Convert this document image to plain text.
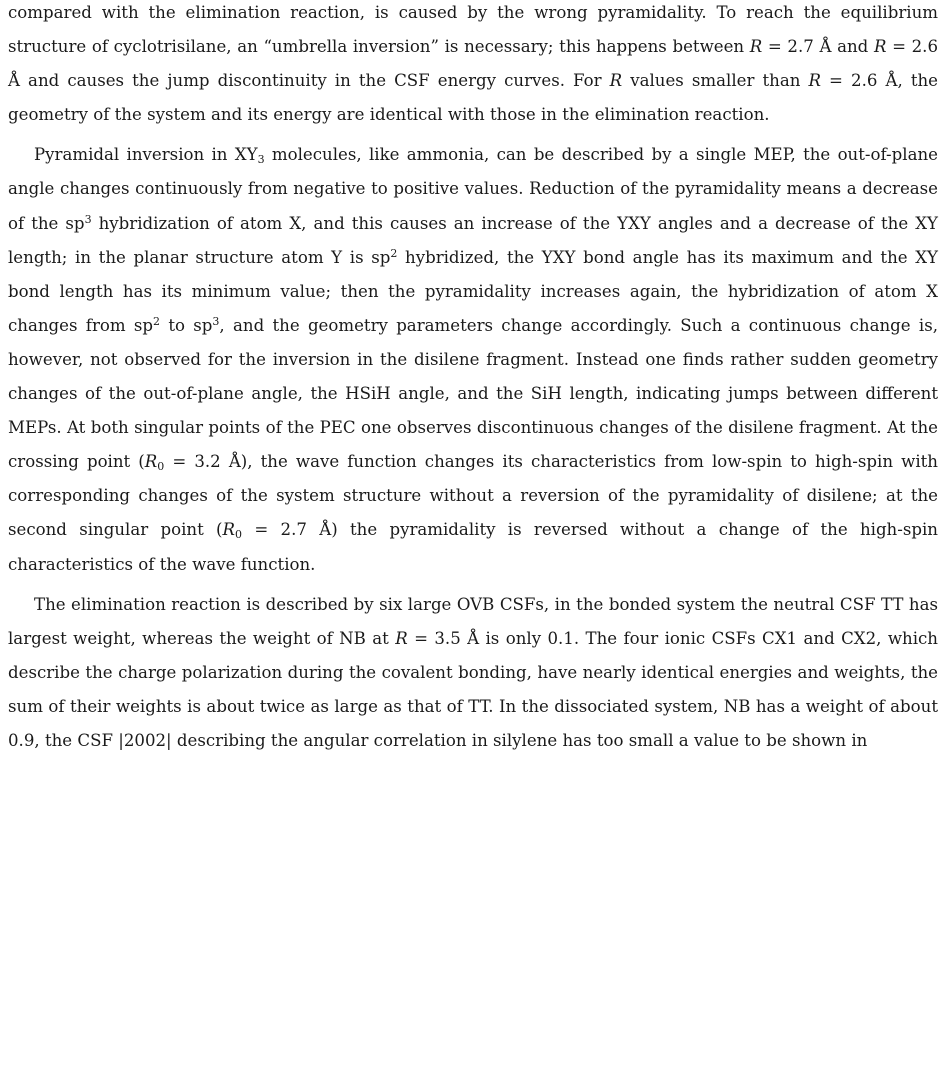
compared with the elimination reaction, is caused by the wrong pyramidality. To reach the equilibrium structure of cyclotrisilane, an “umbrella inversion” is necessary; this happens between R = 2.7 Å and R = 2.6 Å and causes the jump discontinuity in the CSF energy curves. For R values smaller than R = 2.6 Å, the geometry of the system and its energy are identical with those in the elimination reaction.

Pyramidal inversion in $XY_3$ molecules, like ammonia, can be described by a single MEP, the out-of-plane angle changes continuously from negative to positive values. Reduction of the pyramidality means a decrease of the $sp^3$ hybridization of atom X, and this causes an increase of the YXY angles and a decrease of the XY length; in the planar structure atom Y is $sp^2$ hybridized, the YXY bond angle has its maximum and the XY bond length has its minimum value; then the pyramidality increases again, the hybridization of atom X changes from $sp^2$ to $sp^3$, and the geometry parameters change accordingly. Such a continuous change is, however, not observed for the inversion in the disilene fragment. Instead one finds rather sudden geometry changes of the out-of-plane angle, the HSiH angle, and the SiH length, indicating jumps between different MEPs. At both singular points of the PEC one observes discontinuous changes of the disilene fragment. At the crossing point ($R_0 = 3.2$ Å), the wave function changes its characteristics from low-spin to high-spin with corresponding changes of the system structure without a reversion of the pyramidality of disilene; at the second singular point ($R_0 = 2.7$ Å) the pyramidality is reversed without a change of the high-spin characteristics of the wave function.

The elimination reaction is described by six large OVB CSFs, in the bonded system the neutral CSF TT has largest weight, whereas the weight of NB at R = 3.5 Å is only 0.1. The four ionic CSFs CX1 and CX2, which describe the charge polarization during the covalent bonding, have nearly identical energies and weights, the sum of their weights is about twice as large as that of TT. In the dissociated system, NB has a weight of about 0.9, the CSF |2002| describing the angular correlation in silylene has too small a value to be shown in
